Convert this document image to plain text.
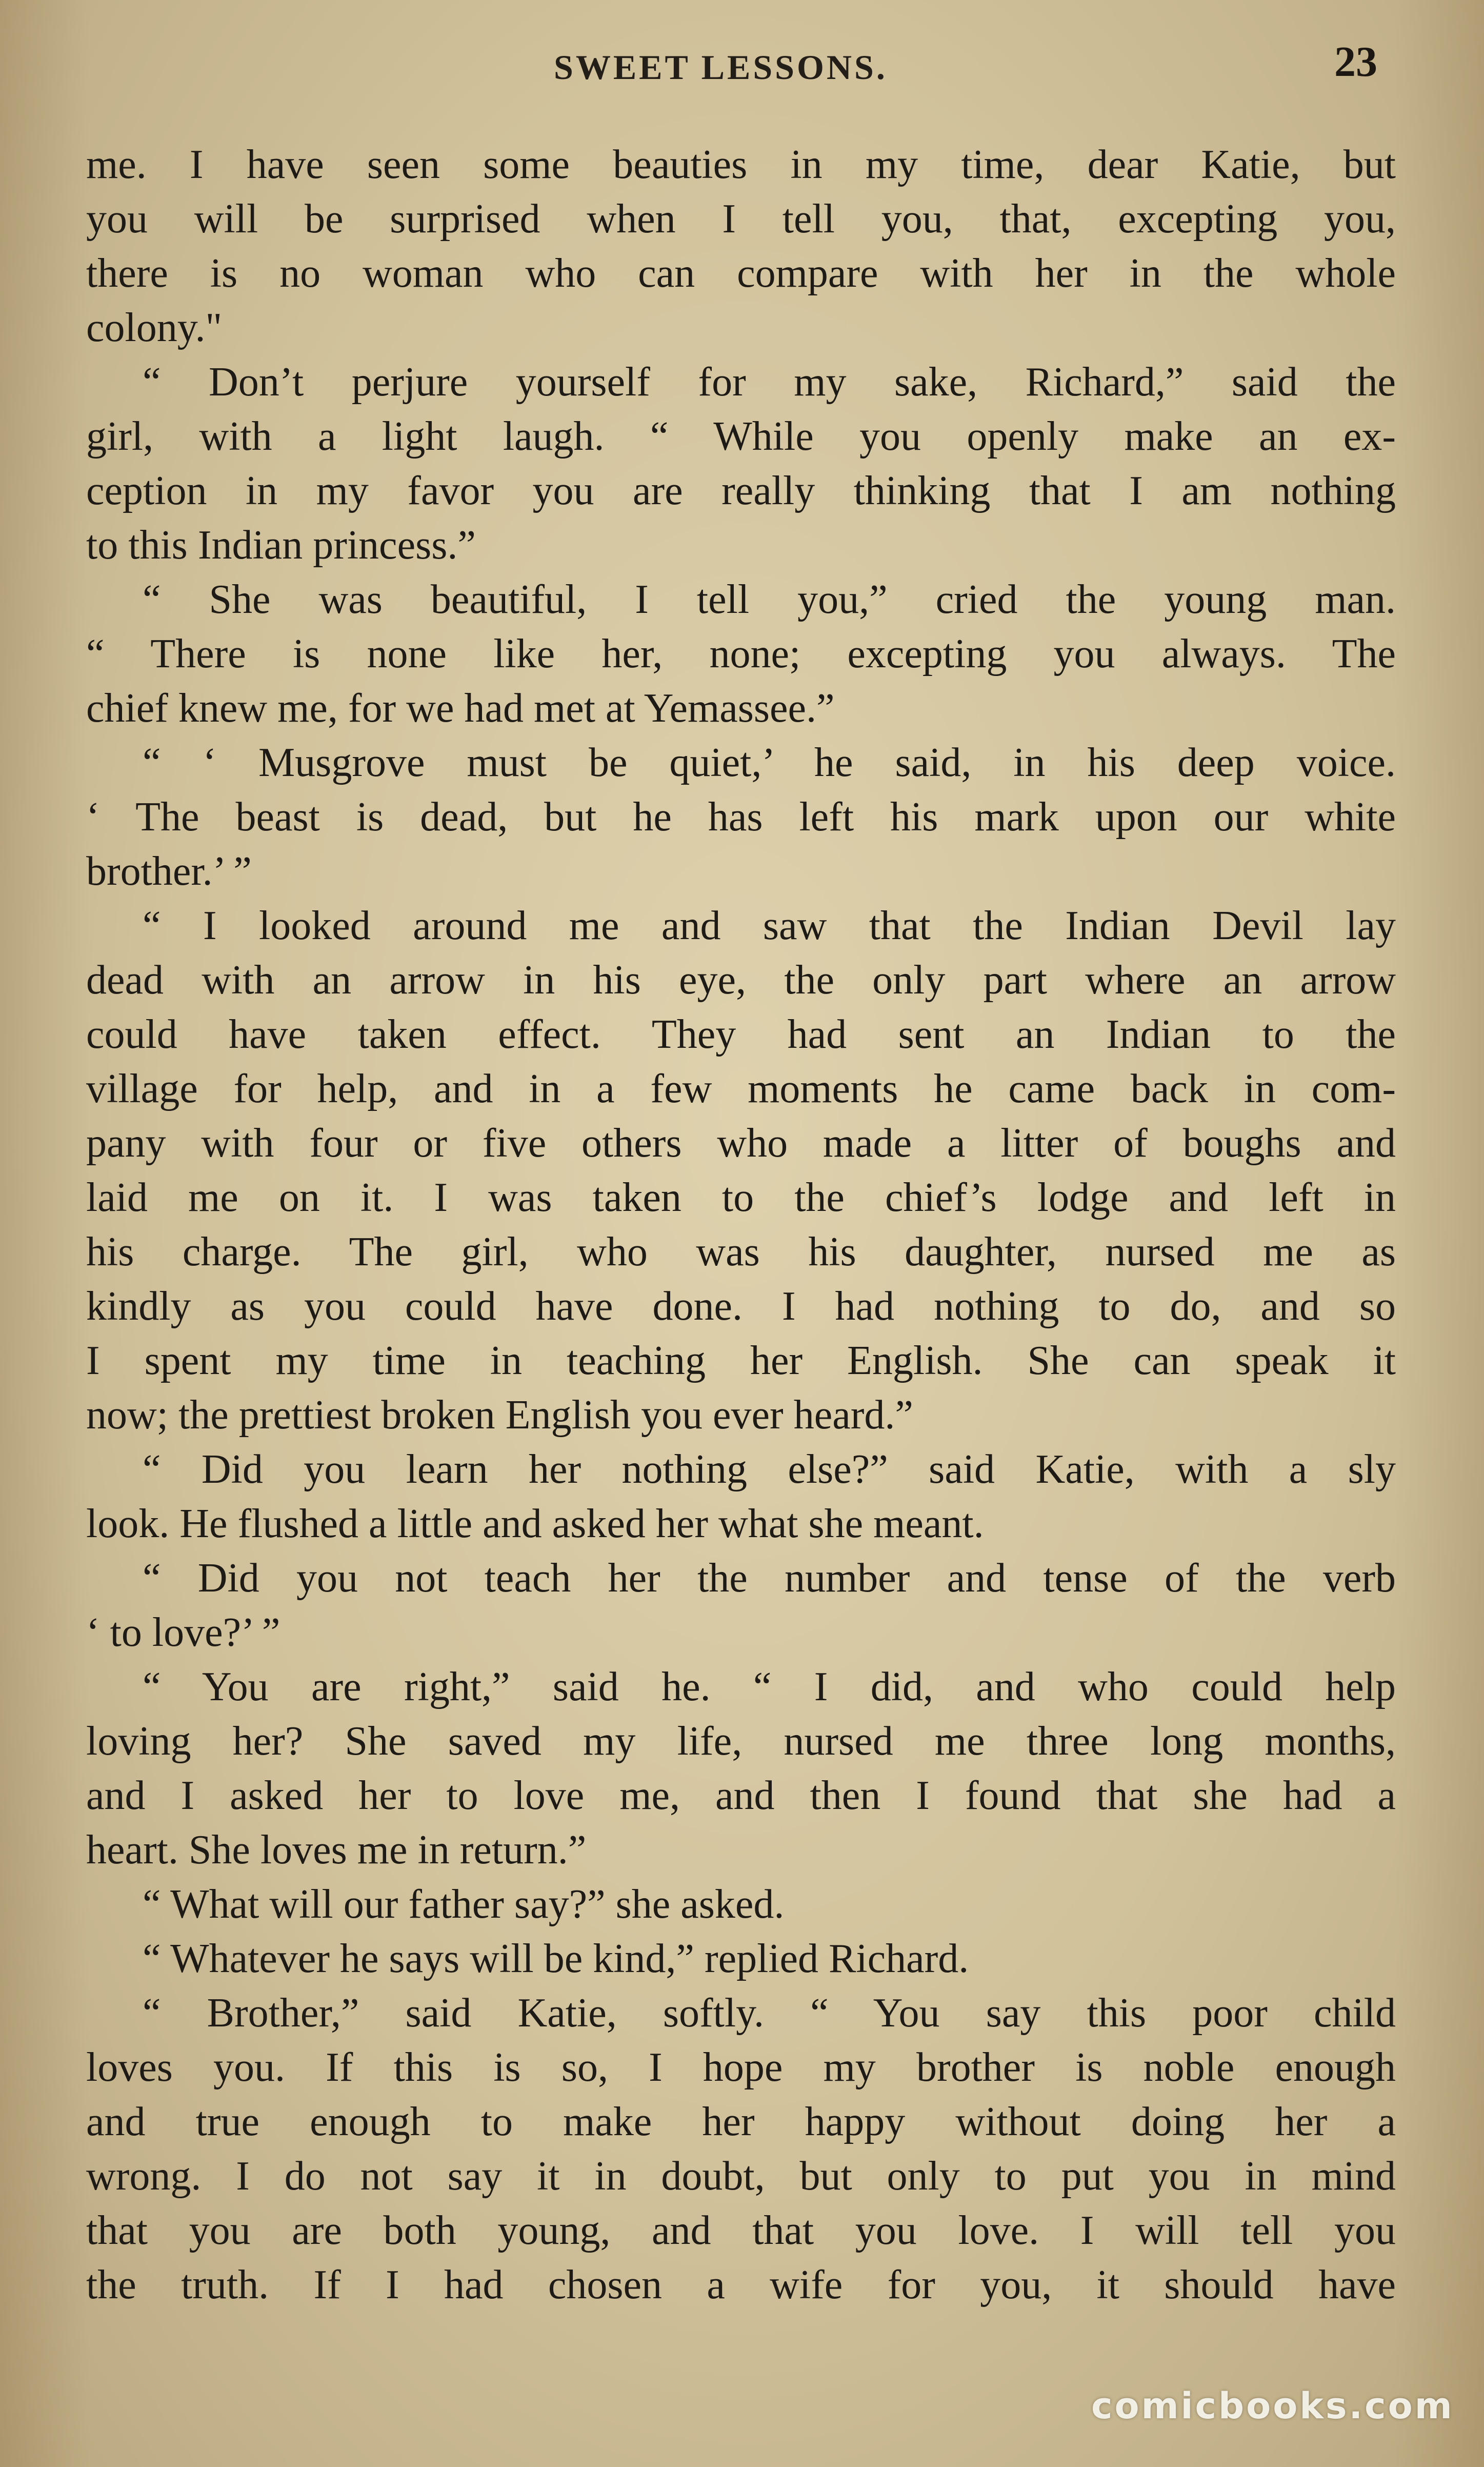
SWEET LESSONS.	23
me. I have seen some beauties in my time, dear Katie, but
you will be surprised when I tell you, that, excepting you,
there is no woman who can compare with her in the whole
colony."
“ Don’t perjure yourself for my sake, Richard,” said the
girl, with a light laugh. “ While you openly make an ex-
ception in my favor you are really thinking that I am nothing
to this Indian princess.”
“ She was beautiful, I tell you,” cried the young man.
“ There is none like her, none; excepting you always. The
chief knew me, for we had met at Yemassee.”
“ ‘ Musgrove must be quiet,’ he said, in his deep voice.
‘ The beast is dead, but he has left his mark upon our white
brother.’ ”
“ I looked around me and saw that the Indian Devil lay
dead with an arrow in his eye, the only part where an arrow
could have taken effect. They had sent an Indian to the
village for help, and in a few moments he came back in com-
pany with four or five others who made a litter of boughs and
laid me on it. I was taken to the chief’s lodge and left in
his charge. The girl, who was his daughter, nursed me as
kindly as you could have done. I had nothing to do, and so
I spent my time in teaching her English. She can speak it
now; the prettiest broken English you ever heard.”
“ Did you learn her nothing else?” said Katie, with a sly
look. He flushed a little and asked her what she meant.
“ Did you not teach her the number and tense of the verb
‘ to love?’ ”
“ You are right,” said he. “ I did, and who could help
loving her? She saved my life, nursed me three long months,
and I asked her to love me, and then I found that she had a
heart. She loves me in return.”
“ What will our father say?” she asked.
“ Whatever he says will be kind,” replied Richard.
“ Brother,” said Katie, softly. “ You say this poor child
loves you. If this is so, I hope my brother is noble enough
and true enough to make her happy without doing her a
wrong. I do not say it in doubt, but only to put you in mind
that you are both young, and that you love. I will tell you
the truth. If I had chosen a wife for you, it should have
comicbooks.com
